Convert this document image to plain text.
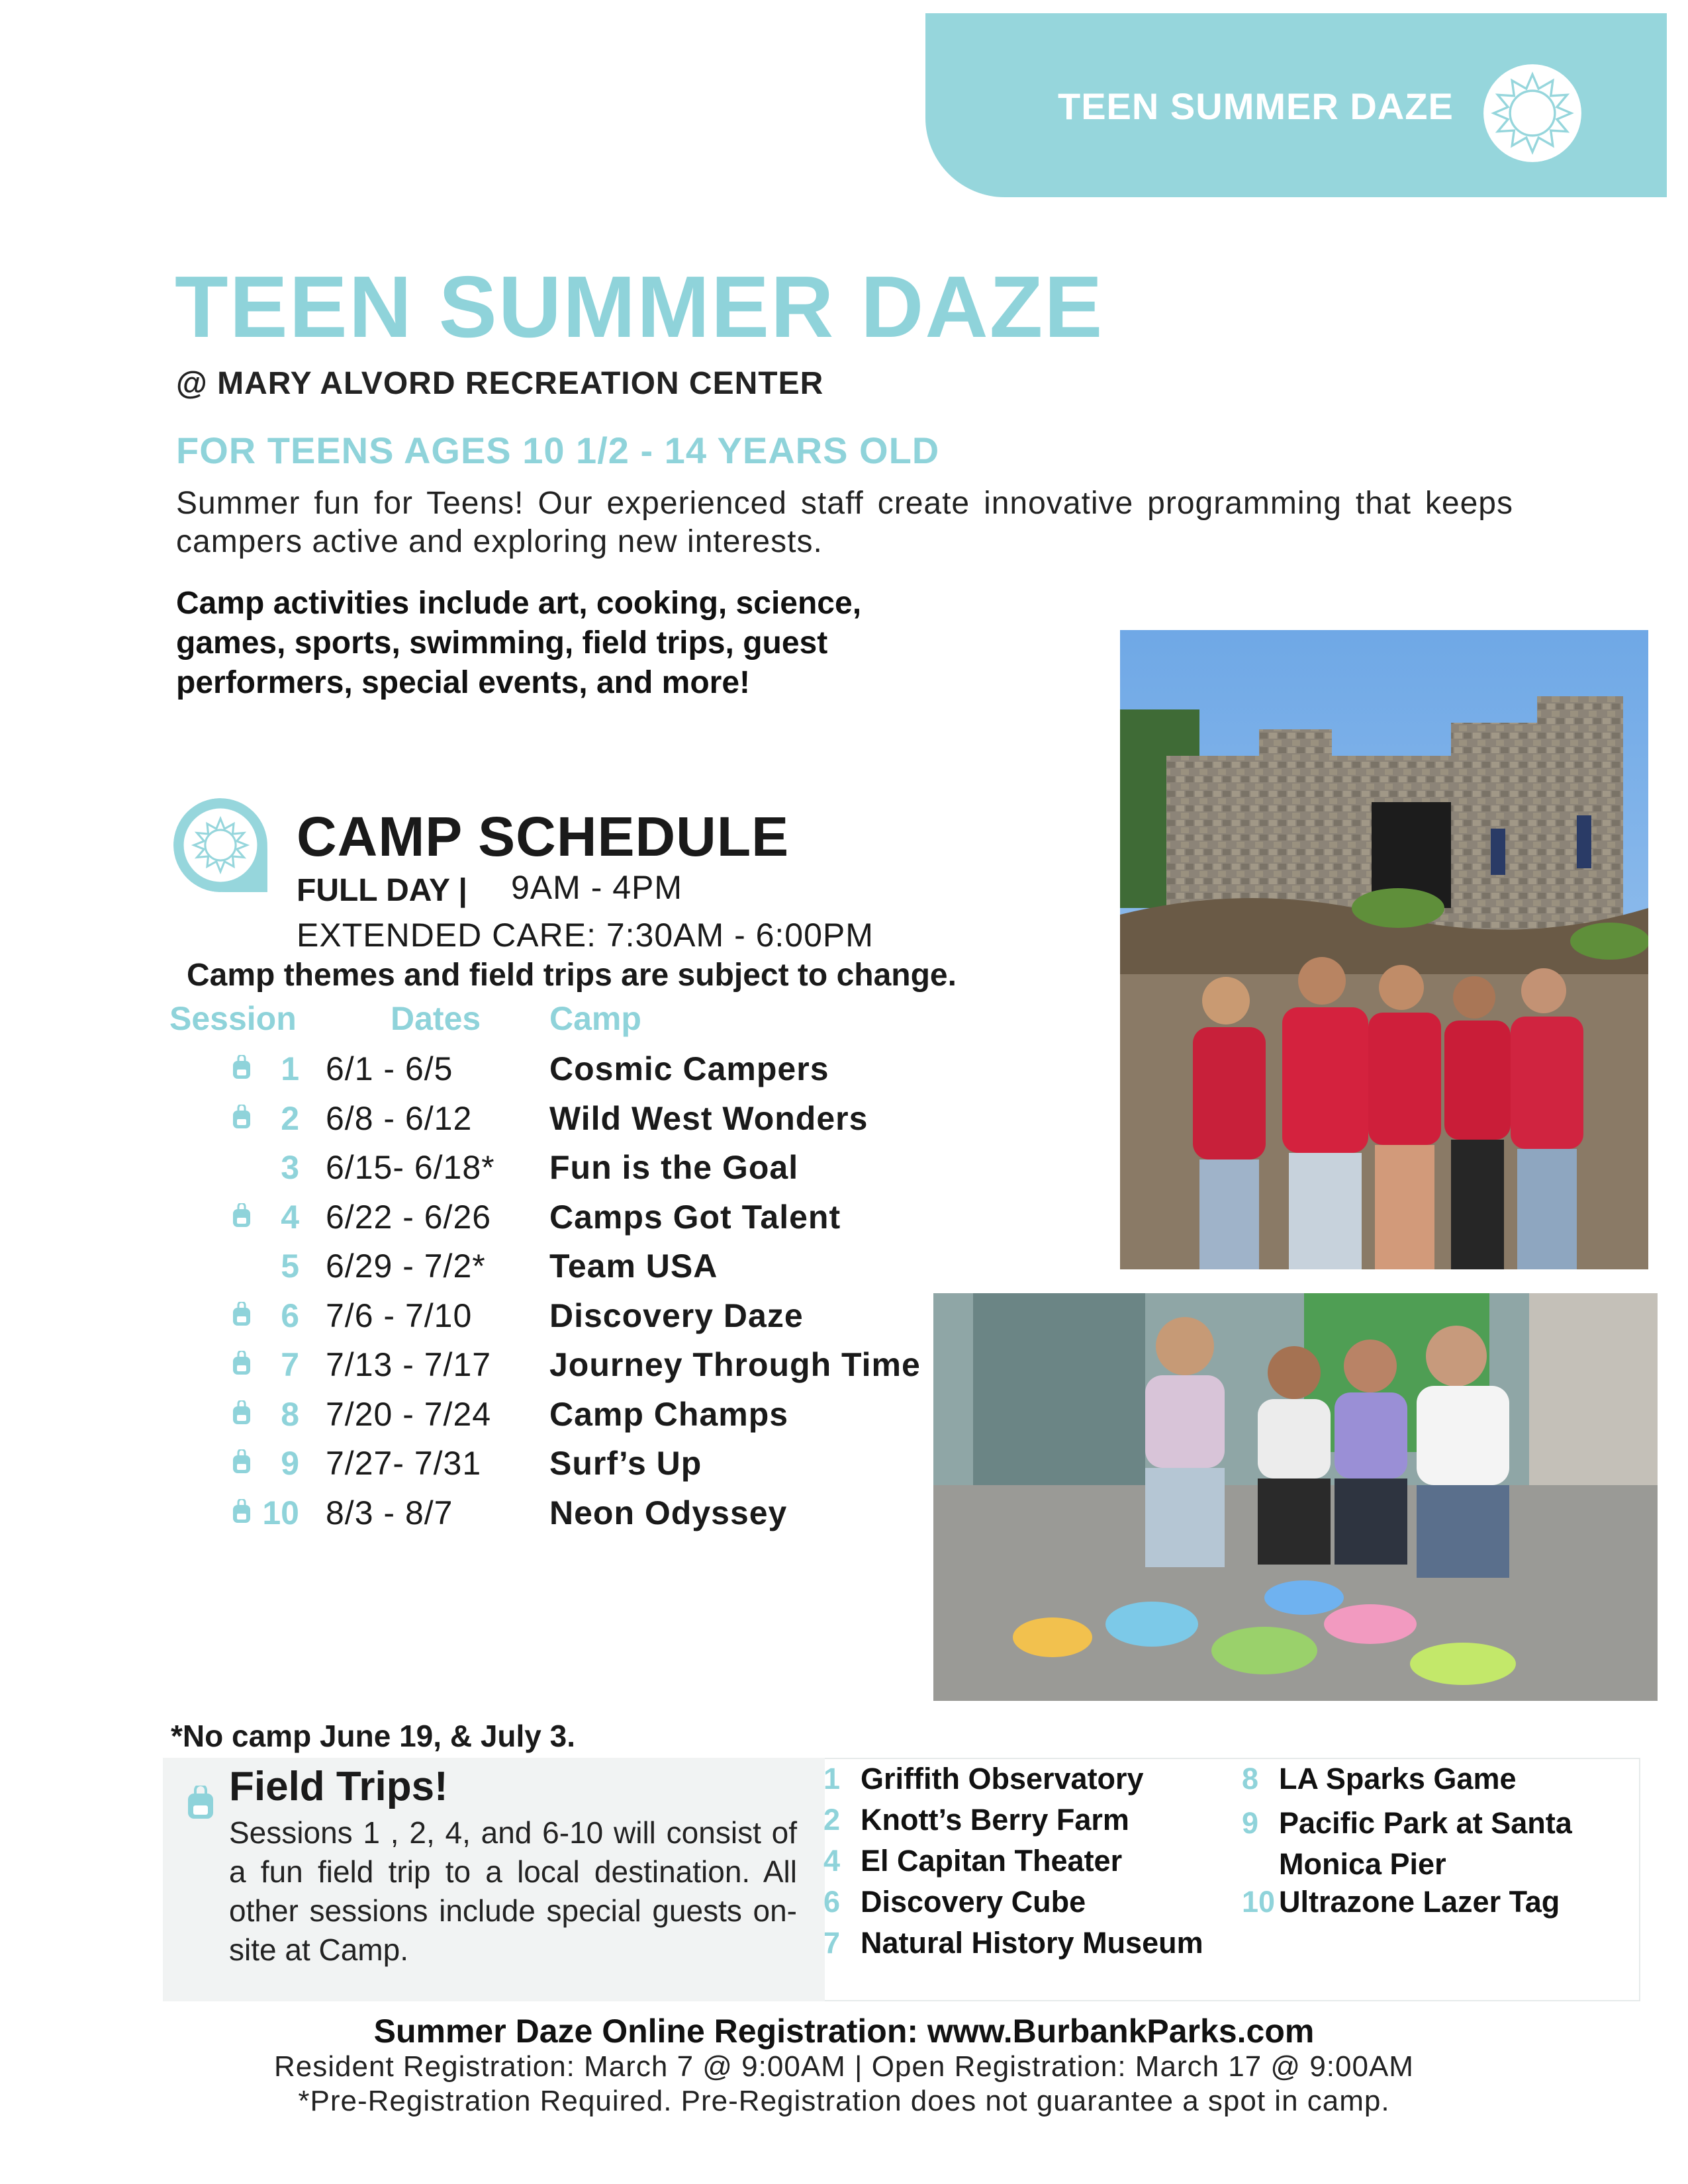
TEEN SUMMER DAZE
TEEN SUMMER DAZE
@ MARY ALVORD RECREATION CENTER
FOR TEENS AGES 10 1/2 - 14 YEARS OLD
Summer fun for Teens! Our experienced staff create innovative programming that keeps campers active and exploring new interests.
Camp activities include art, cooking, science, games, sports, swimming, field trips, guest performers, special events, and more!
CAMP SCHEDULE
FULL DAY | 9AM - 4PM
EXTENDED CARE: 7:30AM - 6:00PM
Camp themes and field trips are subject to change.
Session	Dates Camp
1 6/1 - 6/5	Cosmic Campers
2 6/8 - 6/12 Wild West Wonders
3 6/15- 6/18* Fun is the Goal
4 6/22 - 6/26 Camps Got Talent
5 6/29 - 7/2* Team USA
6 7/6 - 7/10 Discovery Daze
7 7/13 - 7/17 Journey Through Time
8 7/20 - 7/24 Camp Champs
9 7/27- 7/31 Surf’s Up
10 8/3 - 8/7	Neon Odyssey
*No camp June 19, & July 3.
Field Trips!
Sessions 1 , 2, 4, and 6-10 will consist of a fun field trip to a local destination. All other sessions include special guests on-site at Camp.
1 Griffith Observatory
2 Knott’s Berry Farm
4 El Capitan Theater
6 Discovery Cube
7 Natural History Museum
8 LA Sparks Game
9 Pacific Park at Santa Monica Pier
10 Ultrazone Lazer Tag
Summer Daze Online Registration: www.BurbankParks.com
Resident Registration: March 7 @ 9:00AM | Open Registration: March 17 @ 9:00AM
*Pre-Registration Required. Pre-Registration does not guarantee a spot in camp.
